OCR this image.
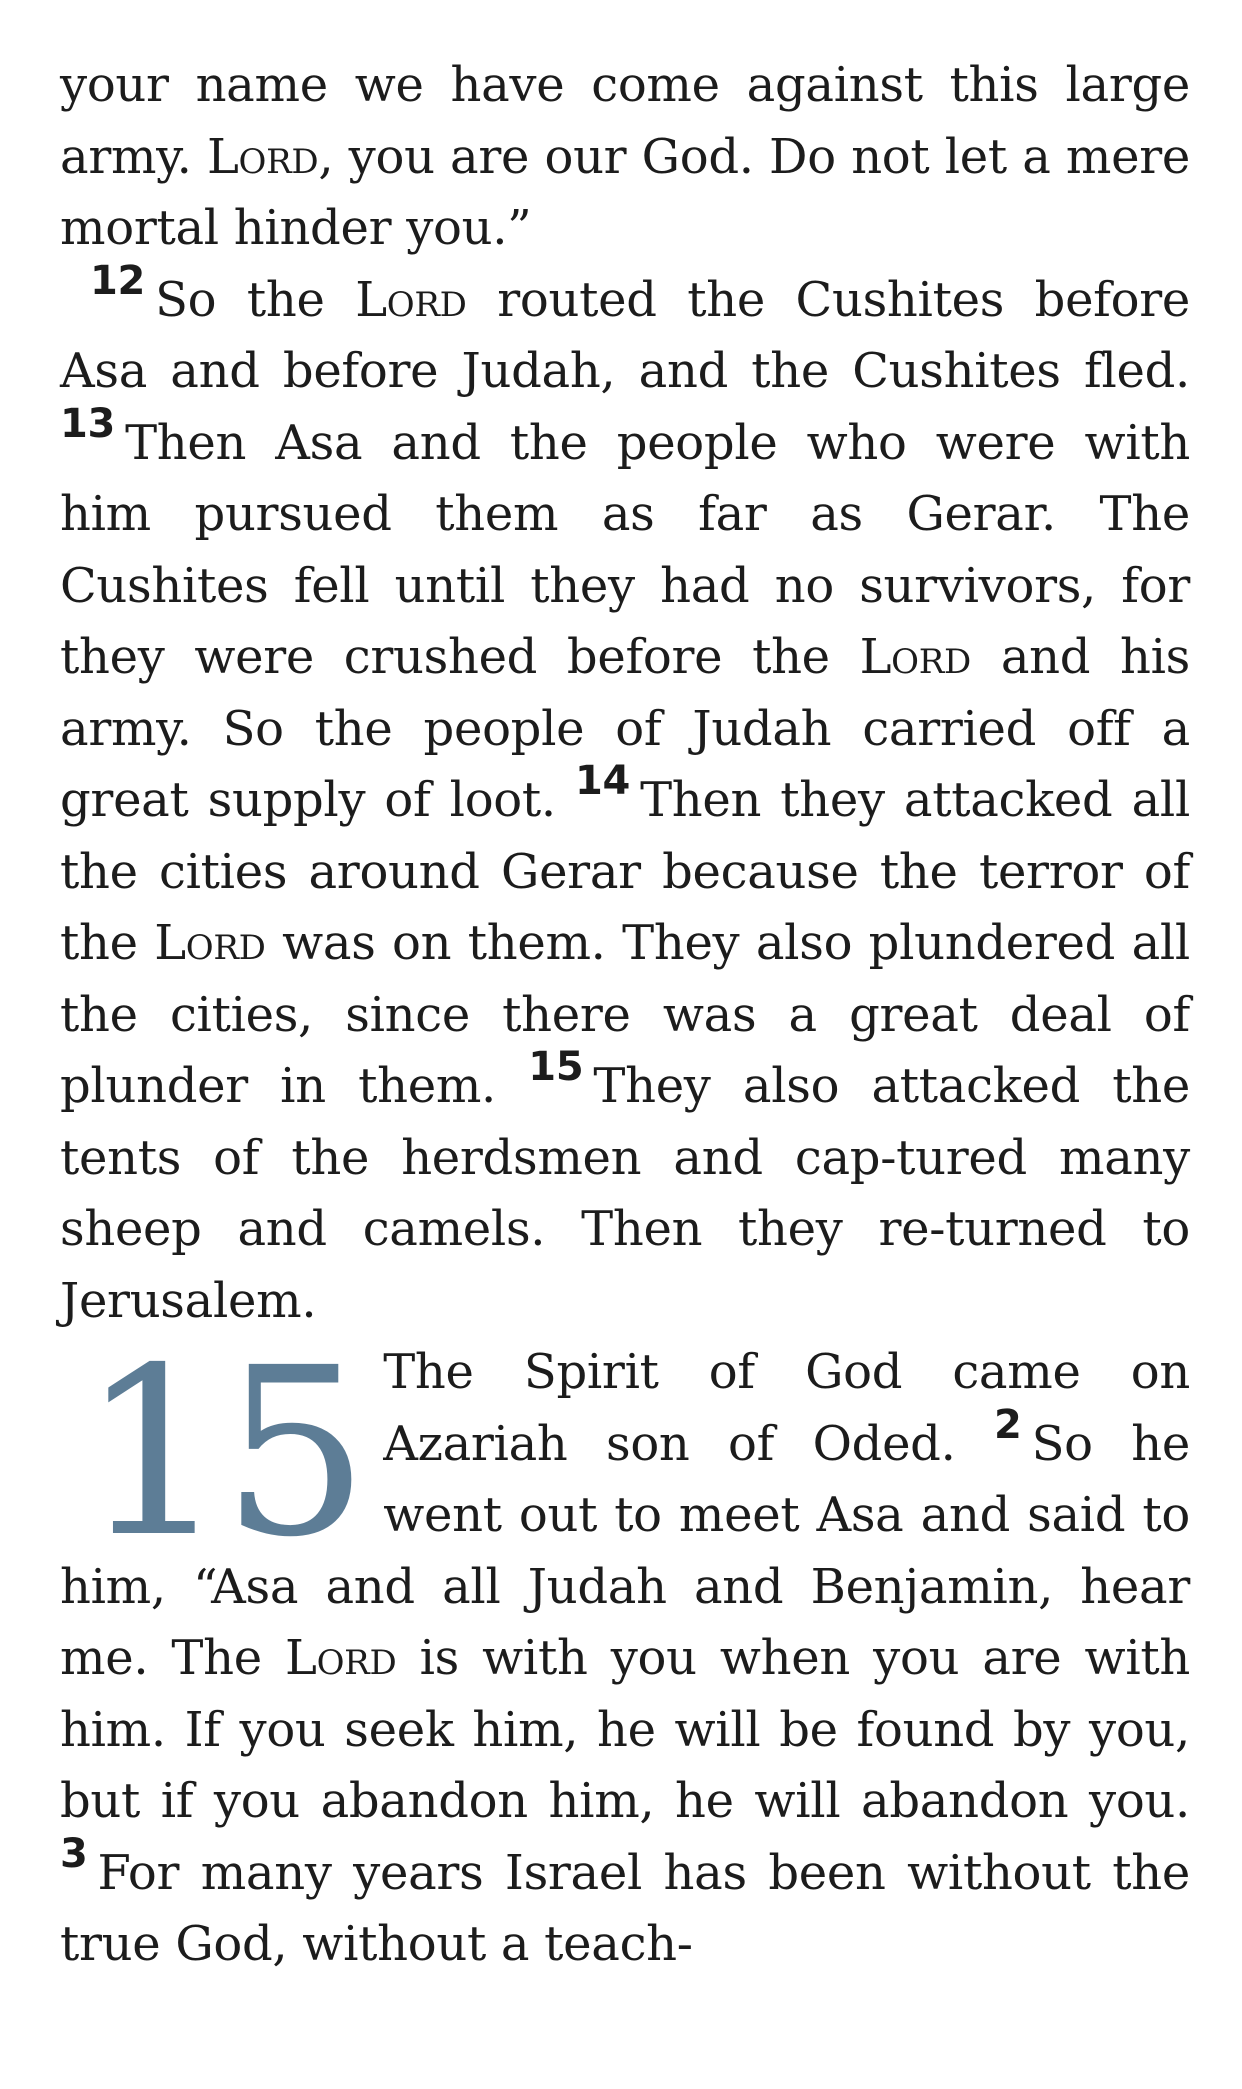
your name we have come against this large army. Lord, you are our God. Do not let a mere mortal hinder you.”

$^{12}$ So the Lord routed the Cushites before Asa and before Judah, and the Cushites fled. $^{13}$ Then Asa and the people who were with him pursued them as far as Gerar. The Cushites fell until they had no survivors, for they were crushed before the Lord and his army. So the people of Judah carried off a great supply of loot. $^{14}$ Then they attacked all the cities around Gerar because the terror of the Lord was on them. They also plundered all the cities, since there was a great deal of plunder in them. $^{15}$ They also attacked the tents of the herdsmen and cap-tured many sheep and camels. Then they re-turned to Jerusalem.

15 The Spirit of God came on Azariah son of Oded. $^2$ So he went out to meet Asa and said to him, “Asa and all Judah and Benjamin, hear me. The Lord is with you when you are with him. If you seek him, he will be found by you, but if you abandon him, he will abandon you. $^3$ For many years Israel has been without the true God, without a teach-
